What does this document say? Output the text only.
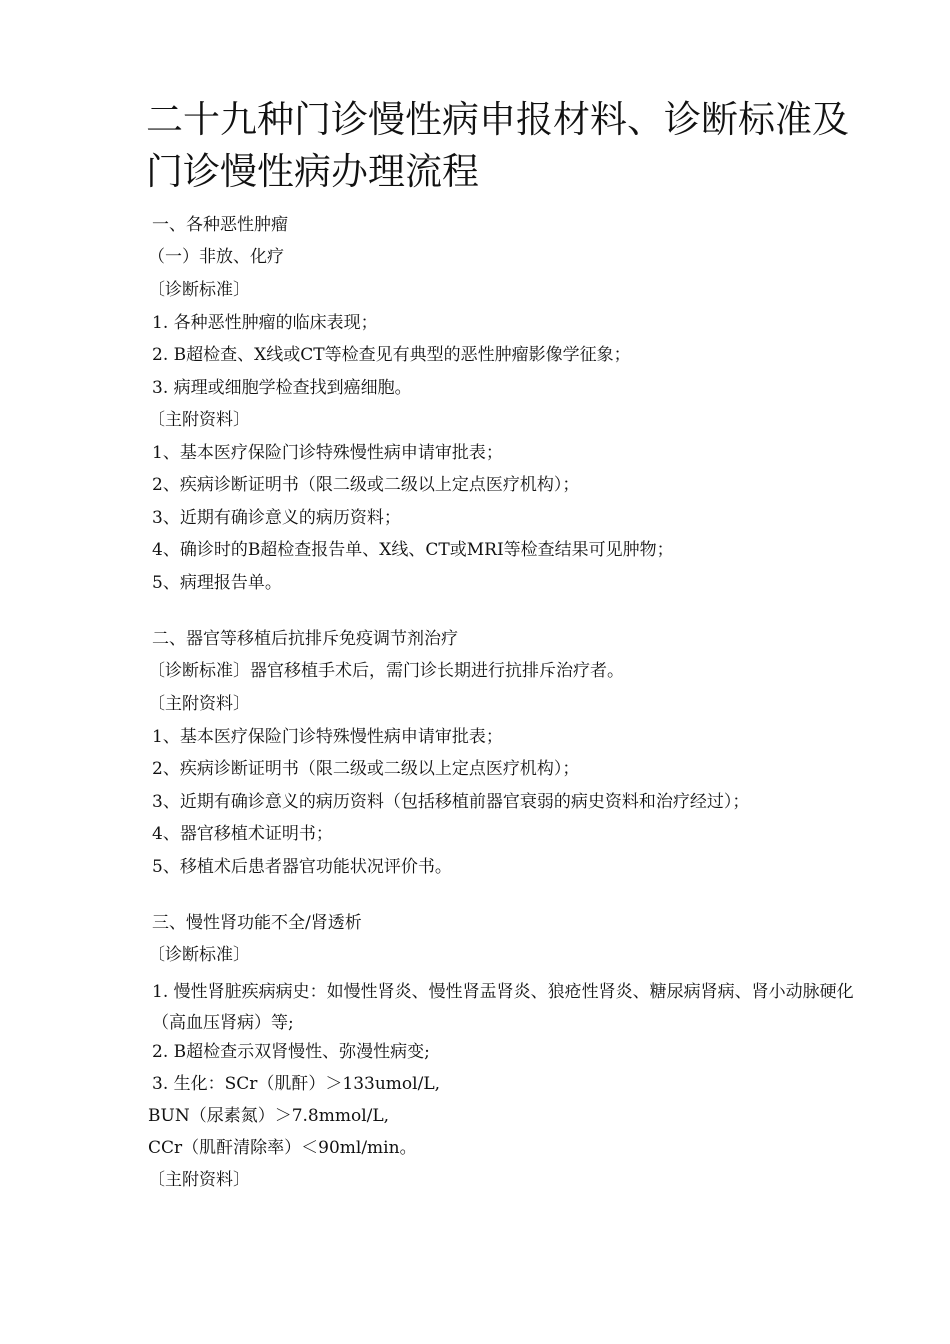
二十九种门诊慢性病申报材料、诊断标准及门诊慢性病办理流程

一、各种恶性肿瘤

（一）非放、化疗

〔诊断标准〕

1. 各种恶性肿瘤的临床表现；

2. B超检查、X线或CT等检查见有典型的恶性肿瘤影像学征象；

3. 病理或细胞学检查找到癌细胞。

〔主附资料〕

1、基本医疗保险门诊特殊慢性病申请审批表；

2、疾病诊断证明书（限二级或二级以上定点医疗机构）；

3、近期有确诊意义的病历资料；

4、确诊时的B超检查报告单、X线、CT或MRI等检查结果可见肿物；

5、病理报告单。

二、器官等移植后抗排斥免疫调节剂治疗

〔诊断标准〕器官移植手术后，需门诊长期进行抗排斥治疗者。

〔主附资料〕

1、基本医疗保险门诊特殊慢性病申请审批表；

2、疾病诊断证明书（限二级或二级以上定点医疗机构）；

3、近期有确诊意义的病历资料（包括移植前器官衰弱的病史资料和治疗经过）；

4、器官移植术证明书；

5、移植术后患者器官功能状况评价书。

三、慢性肾功能不全/肾透析

〔诊断标准〕

1. 慢性肾脏疾病病史：如慢性肾炎、慢性肾盂肾炎、狼疮性肾炎、糖尿病肾病、肾小动脉硬化（高血压肾病）等;

2. B超检查示双肾慢性、弥漫性病变;

3. 生化：SCr（肌酐）＞133umol/L,

BUN（尿素氮）＞7.8mmol/L,

CCr（肌酐清除率）＜90ml/min。

〔主附资料〕
